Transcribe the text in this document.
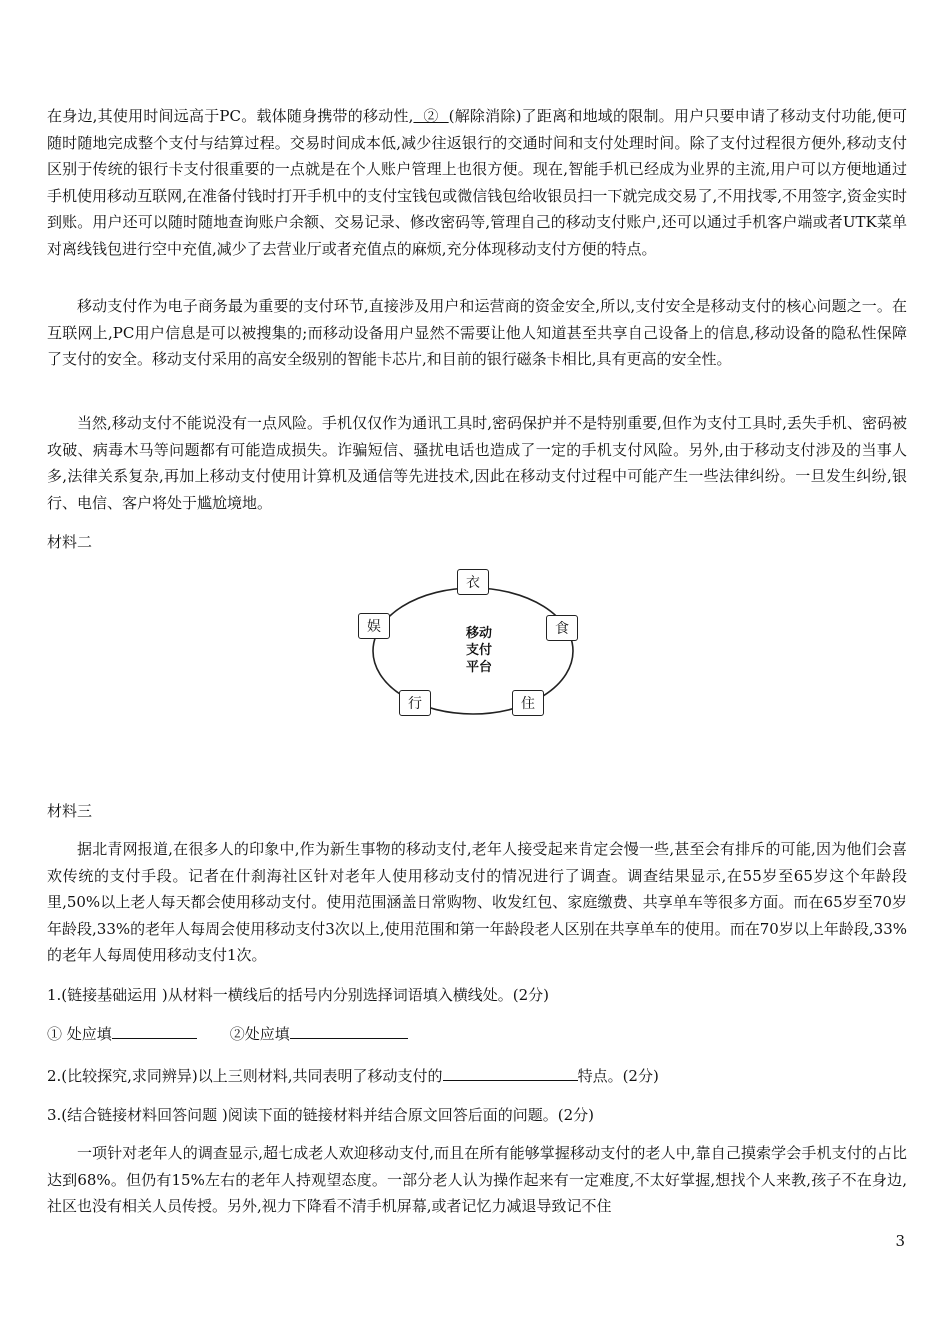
在身边,其使用时间远高于PC。载体随身携带的移动性,  ②  (解除消除)了距离和地域的限制。用户只要申请了移动支付功能,便可随时随地完成整个支付与结算过程。交易时间成本低,减少往返银行的交通时间和支付处理时间。除了支付过程很方便外,移动支付区别于传统的银行卡支付很重要的一点就是在个人账户管理上也很方便。现在,智能手机已经成为业界的主流,用户可以方便地通过手机使用移动互联网,在准备付钱时打开手机中的支付宝钱包或微信钱包给收银员扫一下就完成交易了,不用找零,不用签字,资金实时到账。用户还可以随时随地查询账户余额、交易记录、修改密码等,管理自己的移动支付账户,还可以通过手机客户端或者UTK菜单对离线钱包进行空中充值,减少了去营业厅或者充值点的麻烦,充分体现移动支付方便的特点。

移动支付作为电子商务最为重要的支付环节,直接涉及用户和运营商的资金安全,所以,支付安全是移动支付的核心问题之一。在互联网上,PC用户信息是可以被搜集的;而移动设备用户显然不需要让他人知道甚至共享自己设备上的信息,移动设备的隐私性保障了支付的安全。移动支付采用的高安全级别的智能卡芯片,和目前的银行磁条卡相比,具有更高的安全性。

当然,移动支付不能说没有一点风险。手机仅仅作为通讯工具时,密码保护并不是特别重要,但作为支付工具时,丢失手机、密码被攻破、病毒木马等问题都有可能造成损失。诈骗短信、骚扰电话也造成了一定的手机支付风险。另外,由于移动支付涉及的当事人多,法律关系复杂,再加上移动支付使用计算机及通信等先进技术,因此在移动支付过程中可能产生一些法律纠纷。一旦发生纠纷,银行、电信、客户将处于尴尬境地。

材料二

衣
食
住
行
娱	移动
支付
平台

材料三

据北青网报道,在很多人的印象中,作为新生事物的移动支付,老年人接受起来肯定会慢一些,甚至会有排斥的可能,因为他们会喜欢传统的支付手段。记者在什刹海社区针对老年人使用移动支付的情况进行了调查。调查结果显示,在55岁至65岁这个年龄段里,50%以上老人每天都会使用移动支付。使用范围涵盖日常购物、收发红包、家庭缴费、共享单车等很多方面。而在65岁至70岁年龄段,33%的老年人每周会使用移动支付3次以上,使用范围和第一年龄段老人区别在共享单车的使用。而在70岁以上年龄段,33%的老年人每周使用移动支付1次。

1.(链接基础运用 )从材料一横线后的括号内分别选择词语填入横线处。(2分)

① 处应填	②处应填

2.(比较探究,求同辨异)以上三则材料,共同表明了移动支付的	特点。(2分)

3.(结合链接材料回答问题 )阅读下面的链接材料并结合原文回答后面的问题。(2分)

一项针对老年人的调查显示,超七成老人欢迎移动支付,而且在所有能够掌握移动支付的老人中,靠自己摸索学会手机支付的占比达到68%。但仍有15%左右的老年人持观望态度。一部分老人认为操作起来有一定难度,不太好掌握,想找个人来教,孩子不在身边,社区也没有相关人员传授。另外,视力下降看不清手机屏幕,或者记忆力减退导致记不住

3
